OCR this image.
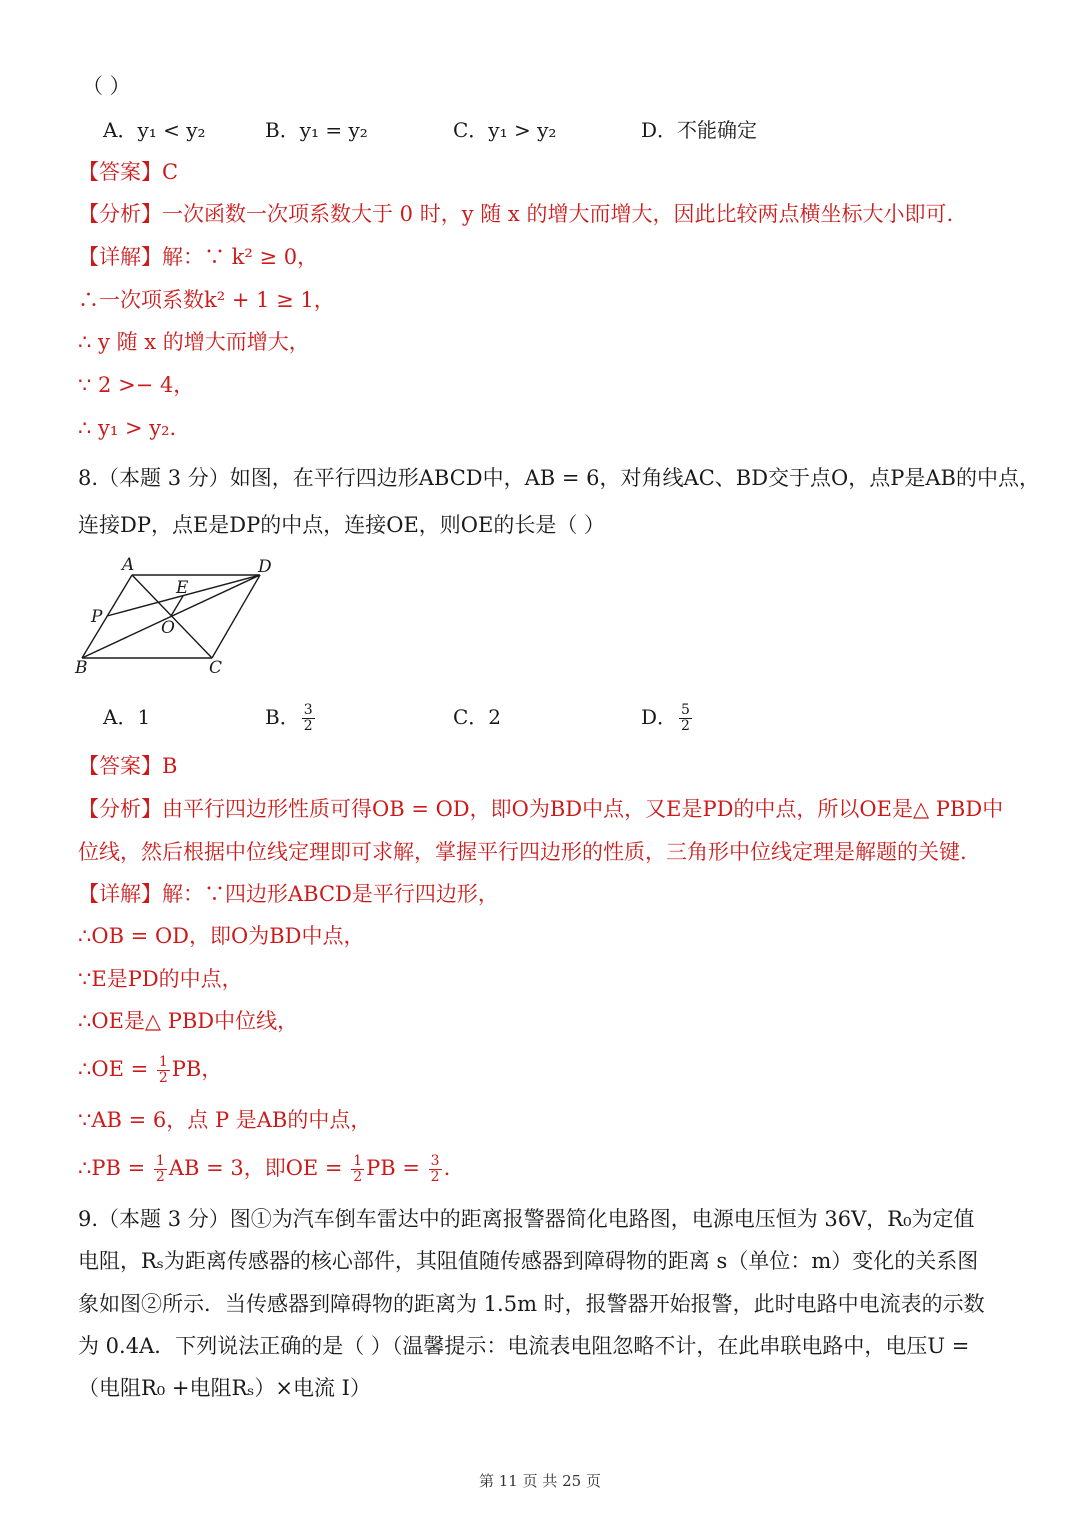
（ ）
A．y₁ < y₂	B．y₁ = y₂	C．y₁ > y₂	D．不能确定
【答案】C
【分析】一次函数一次项系数大于 0 时，y 随 x 的增大而增大，因此比较两点横坐标大小即可.
【详解】解：∵ k² ≥ 0，
∴一次项系数k² + 1 ≥ 1，
∴ y 随 x 的增大而增大，
∵ 2 >− 4，
∴ y₁ > y₂.
8.（本题 3 分）如图，在平行四边形ABCD中，AB = 6，对角线AC、BD交于点O，点P是AB的中点，
连接DP，点E是DP的中点，连接OE，则OE的长是（ ）
A	D
E
P
O
B	C
A．1	B． $\frac{3}{2}$	C．2	D． $\frac{5}{2}$
【答案】B
【分析】由平行四边形性质可得OB = OD，即O为BD中点，又E是PD的中点，所以OE是△ PBD中
位线，然后根据中位线定理即可求解，掌握平行四边形的性质，三角形中位线定理是解题的关键.
【详解】解：∵四边形ABCD是平行四边形，
∴OB = OD，即O为BD中点，
∵E是PD的中点，
∴OE是△ PBD中位线，
∴OE = $\frac{1}{2}$ PB，
∵AB = 6，点 P 是AB的中点，
∴PB = $\frac{1}{2}$ AB = 3，即OE = $\frac{1}{2}$ PB = $\frac{3}{2}$ .
9.（本题 3 分）图①为汽车倒车雷达中的距离报警器简化电路图，电源电压恒为 36V，R₀为定值
电阻，Rₛ为距离传感器的核心部件，其阻值随传感器到障碍物的距离 s（单位：m）变化的关系图
象如图②所示．当传感器到障碍物的距离为 1.5m 时，报警器开始报警，此时电路中电流表的示数
为 0.4A．下列说法正确的是（ ）（温馨提示：电流表电阻忽略不计，在此串联电路中，电压U =
（电阻R₀ +电阻Rₛ）×电流 I）
第 11 页 共 25 页
